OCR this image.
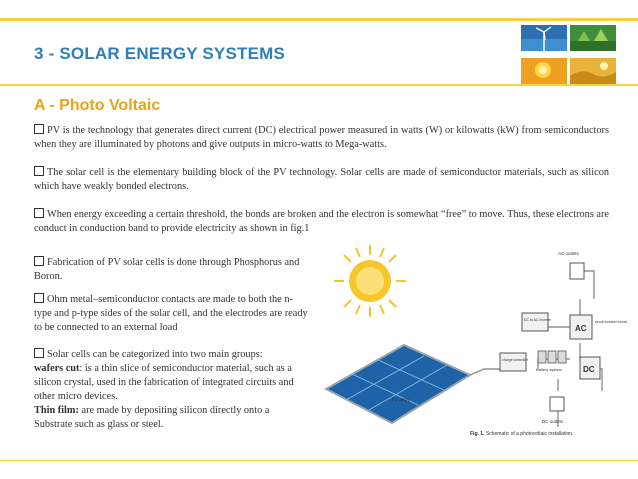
3 - SOLAR ENERGY SYSTEMS
A - Photo Voltaic
PV is the technology that generates direct current (DC) electrical power measured in watts (W) or kilowatts (kW) from semiconductors when they are illuminated by photons and give outputs in micro-watts to Mega-watts.
The solar cell is the elementary building block of the PV technology. Solar cells are made of semiconductor materials, such as silicon which have weakly bonded electrons.
When energy exceeding a certain threshold, the bonds are broken and the electron is somewhat “free” to move. Thus, these electrons are conduct in conduction band to provide electricity as shown in fig.1
Fabrication of PV solar cells is done through Phosphorus and Boron.
Ohm metal–semiconductor contacts are made to both the n-type and p-type sides of the solar cell, and the electrodes are ready to be connected to an external load
Solar cells can be categorized into two main groups:
wafers cut: is a thin slice of semiconductor material, such as a silicon crystal, used in the fabrication of integrated circuits and other micro devices.
Thin film: are made by depositing silicon directly onto a Substrate such as glass or steel.
PV array
AC outlets
DC to AC inverter
AC
circuit breaker boxes
charge controller
battery system	DC
DC outlets
Fig. 1. Schematic of a photovoltaic installation.
